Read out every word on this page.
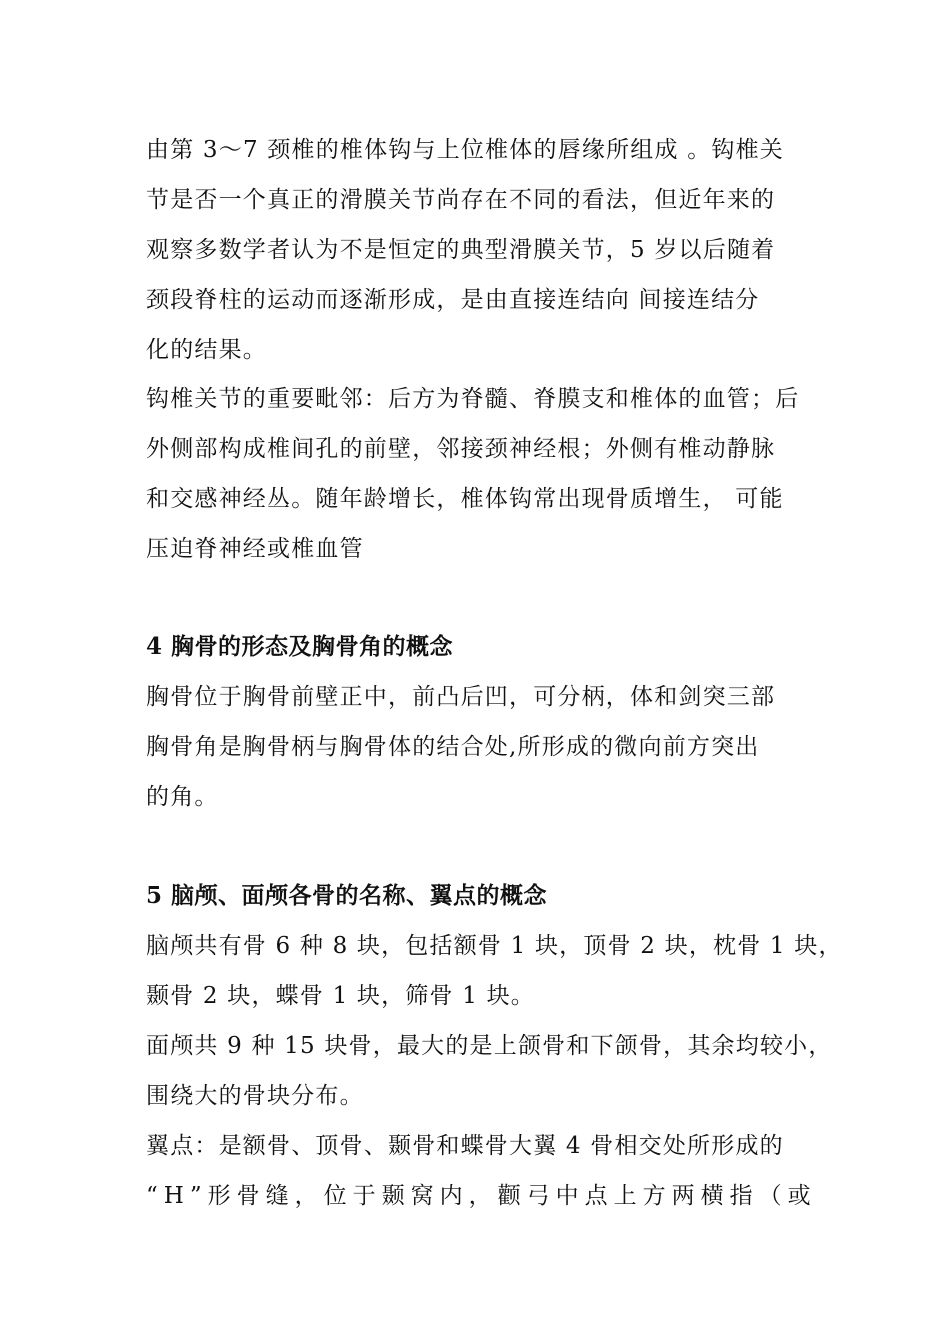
由第 3～7 颈椎的椎体钩与上位椎体的唇缘所组成 。钩椎关
节是否一个真正的滑膜关节尚存在不同的看法，但近年来的
观察多数学者认为不是恒定的典型滑膜关节，5 岁以后随着
颈段脊柱的运动而逐渐形成，是由直接连结向 间接连结分
化的结果。
钩椎关节的重要毗邻：后方为脊髓、脊膜支和椎体的血管；后
外侧部构成椎间孔的前壁，邻接颈神经根；外侧有椎动静脉
和交感神经丛。随年龄增长，椎体钩常出现骨质增生， 可能
压迫脊神经或椎血管
4 胸骨的形态及胸骨角的概念
胸骨位于胸骨前壁正中，前凸后凹，可分柄，体和剑突三部
胸骨角是胸骨柄与胸骨体的结合处,所形成的微向前方突出
的角。
5 脑颅、面颅各骨的名称、翼点的概念
脑颅共有骨 6 种 8 块，包括额骨 1 块，顶骨 2 块，枕骨 1 块，
颞骨 2 块，蝶骨 1 块，筛骨 1 块。
面颅共 9 种 15 块骨，最大的是上颌骨和下颌骨，其余均较小，
围绕大的骨块分布。
翼点：是额骨、顶骨、颞骨和蝶骨大翼 4 骨相交处所形成的
“H”形骨缝，位于颞窝内，颧弓中点上方两横指（或
